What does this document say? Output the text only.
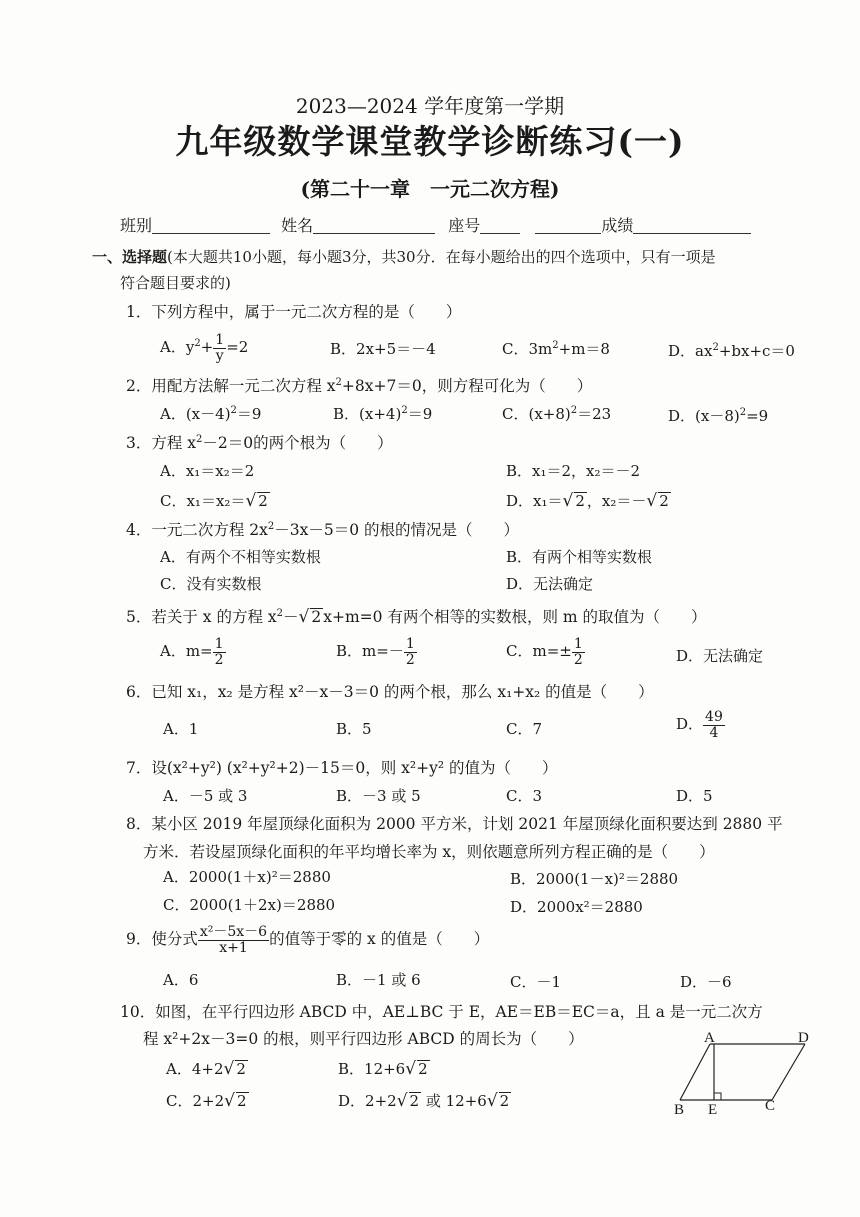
2023—2024 学年度第一学期
九年级数学课堂教学诊断练习(一)
(第二十一章　一元二次方程)
班别	姓名	座号	成绩
一、选择题(本大题共10小题，每小题3分，共30分．在每小题给出的四个选项中，只有一项是
符合题目要求的)
1．下列方程中，属于一元二次方程的是（　　）
A．$y^2+ \frac{1}{y} =2$	B．2x+5＝－4	C．$3m^2+m=8$	D．$ax^2+bx+c=0$
2．用配方法解一元二次方程 $x^2+8x+7=0$，则方程可化为（　　）
A．$(x-4)^2=9$	B．$(x+4)^2=9$	C．$(x+8)^2=23$	D．$(x-8)^2=9$
3．方程 $x^2-2=0$的两个根为（　　）
A．x₁＝x₂＝2	B．x₁＝2，x₂＝－2
C．x₁＝x₂＝√ 2	D．x₁＝√ 2 ，x₂＝－√ 2
4．一元二次方程 $2x^2-3x-5=0$ 的根的情况是（　　）
A．有两个不相等实数根	B．有两个相等实数根
C．没有实数根	D．无法确定
5．若关于 x 的方程 $x^2-√$ 2 x+m=0 有两个相等的实数根，则 m 的取值为（　　）
A．$m= \frac{1}{2}$	B．$m=- \frac{1}{2}$	C．$m=\pm \frac{1}{2}$	D．无法确定
6．已知 x₁，x₂ 是方程 x²－x－3＝0 的两个根，那么 x₁+x₂ 的值是（　　）
A．1	B．5	C．7	D． $\frac{49}{4}$
7．设(x²+y²) (x²+y²+2)－15＝0，则 x²+y² 的值为（　　）
A．－5 或 3	B．－3 或 5	C．3	D．5
8．某小区 2019 年屋顶绿化面积为 2000 平方米，计划 2021 年屋顶绿化面积要达到 2880 平
方米．若设屋顶绿化面积的年平均增长率为 x，则依题意所列方程正确的是（　　）
A．2000(1＋x)²＝2880	B．2000(1－x)²＝2880
C．2000(1＋2x)＝2880	D．2000x²＝2880
9．使分式 $\frac{\text{x²－5x－6}}{x+1}$ 的值等于零的 x 的值是（　　）
A．6	B．－1 或 6	C．－1	D．－6
10．如图，在平行四边形 ABCD 中，AE⊥BC 于 E，AE＝EB＝EC＝a，且 a 是一元二次方
程 x²+2x－3=0 的根，则平行四边形 ABCD 的周长为（　　）
A．4+2√ 2	B．12+6√ 2
C．2+2√ 2	D．2+2√ 2 或 12+6√ 2
A	D
B E	C
